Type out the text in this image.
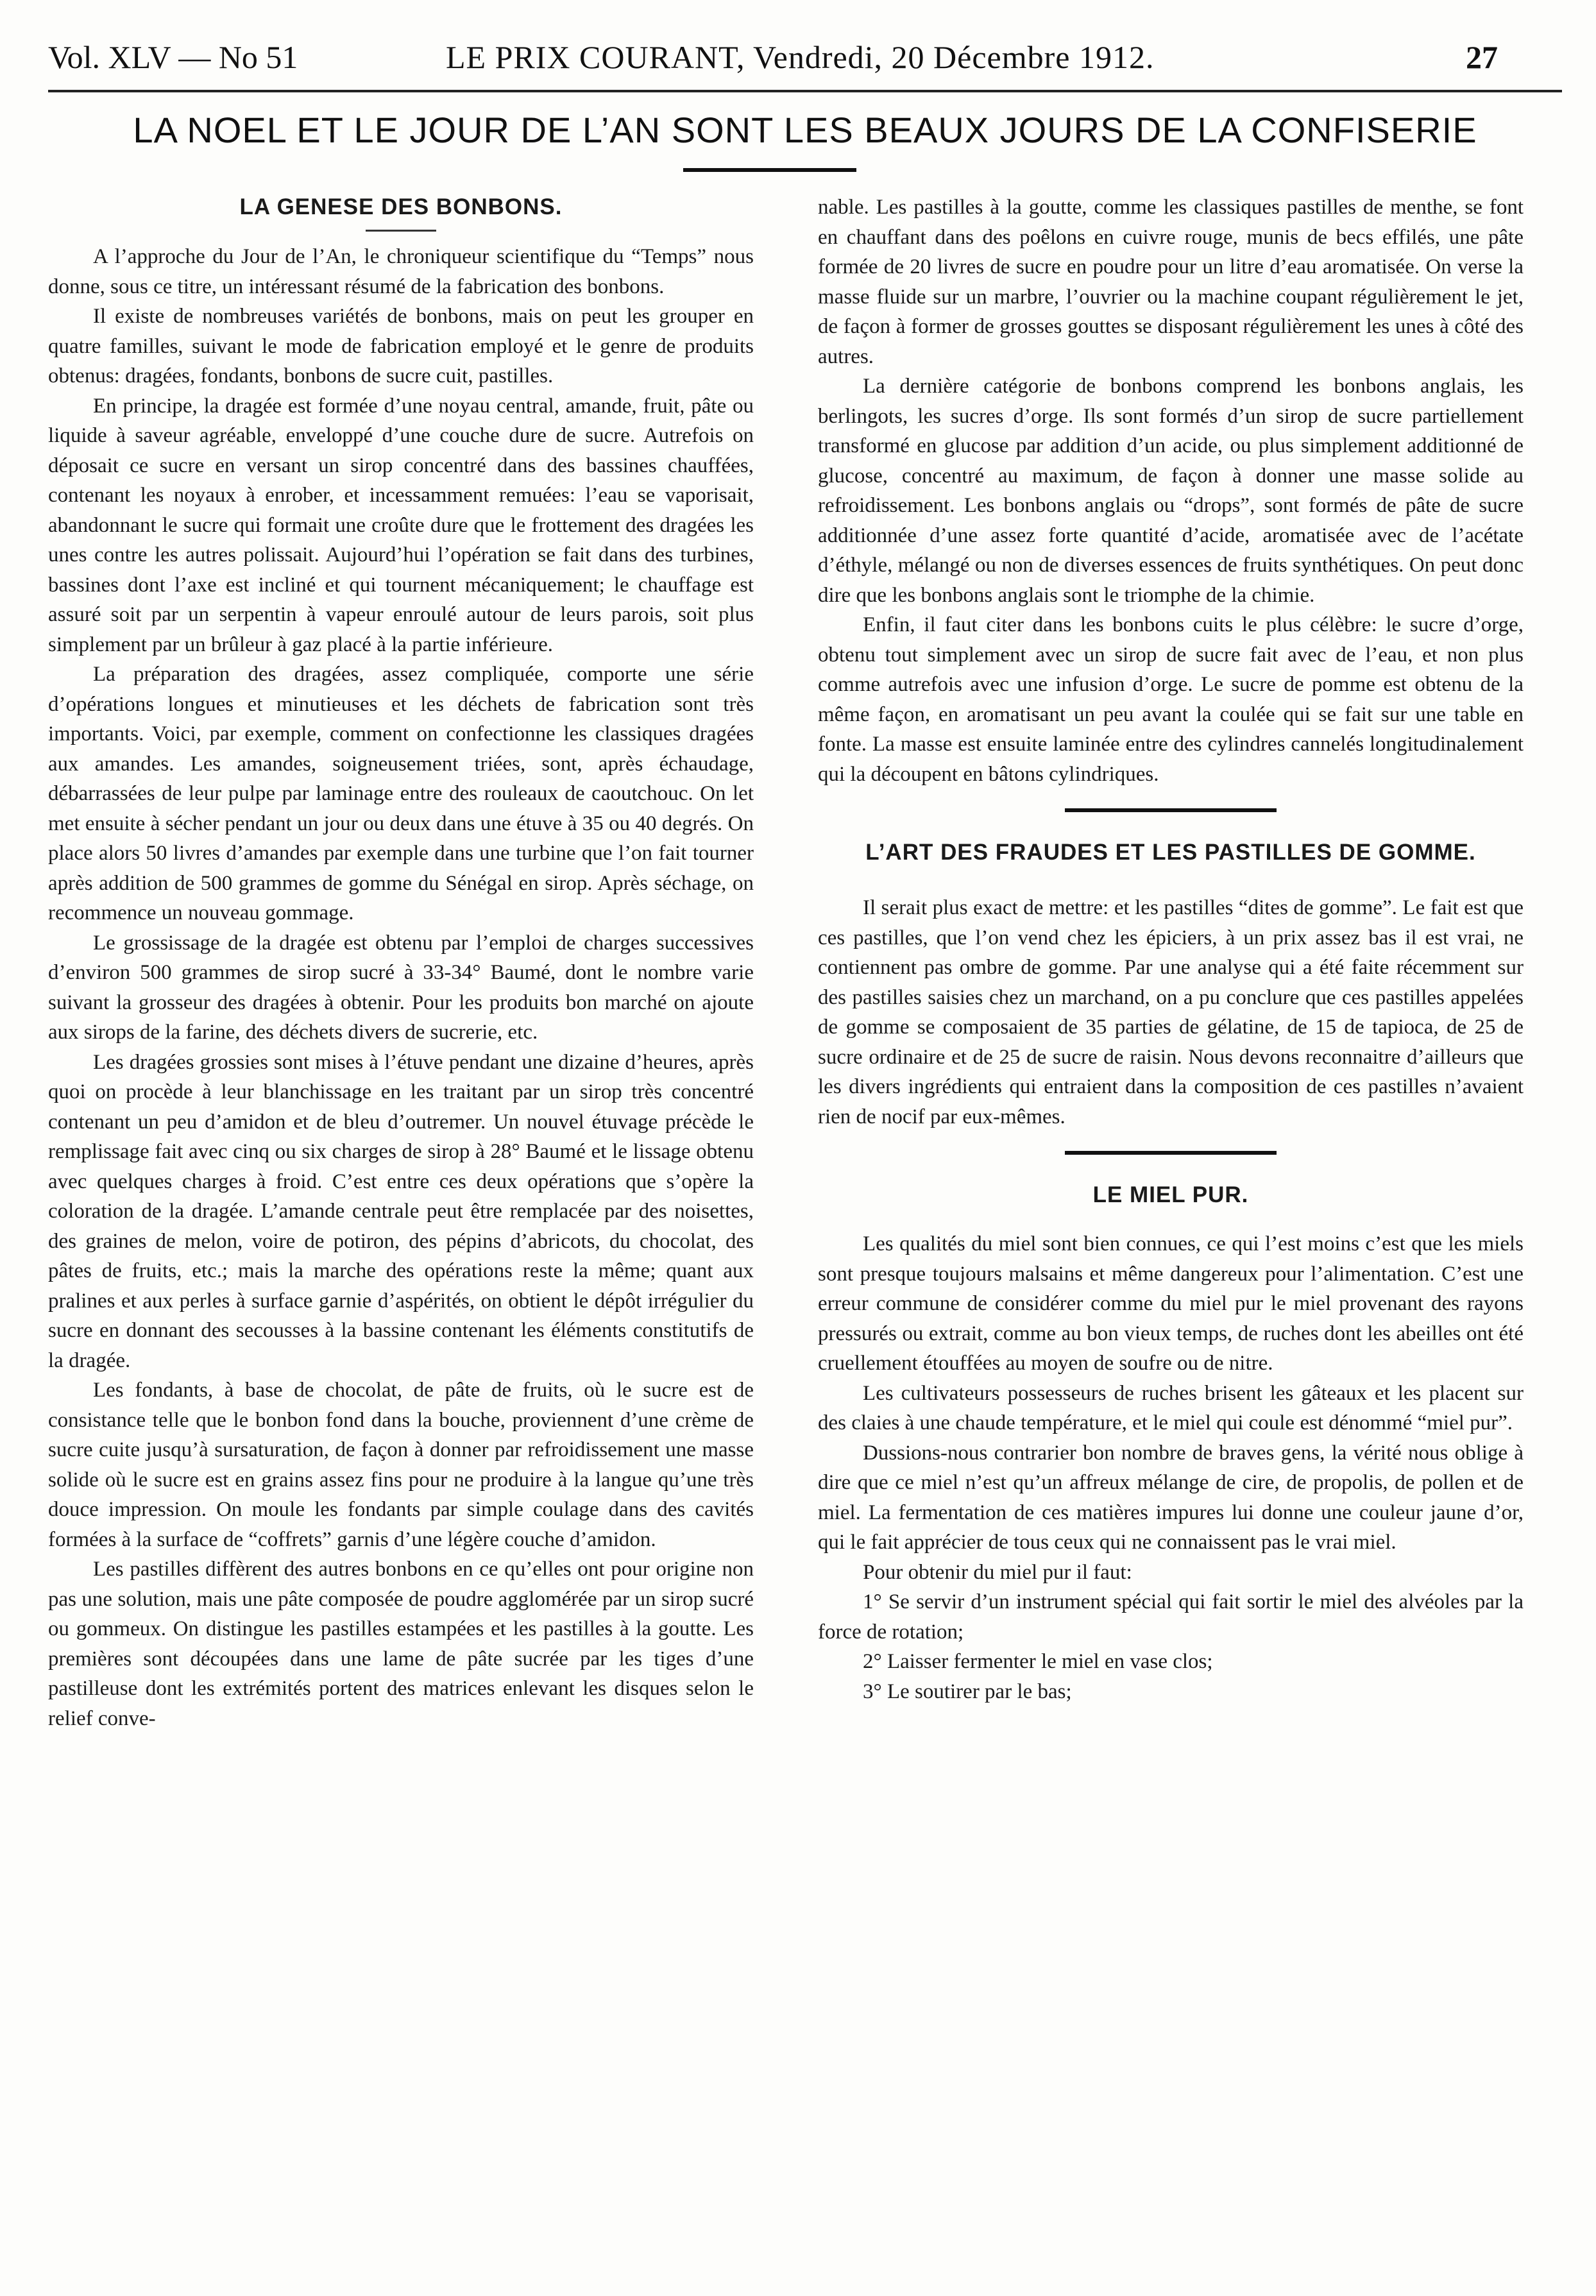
Vol. XLV — No 51	LE PRIX COURANT, Vendredi, 20 Décembre 1912.	27
LA NOEL ET LE JOUR DE L’AN SONT LES BEAUX JOURS DE LA CONFISERIE
LA GENESE DES BONBONS.

A l’approche du Jour de l’An, le chroniqueur scientifique du “Temps” nous donne, sous ce titre, un intéressant résumé de la fabrication des bonbons.

Il existe de nombreuses variétés de bonbons, mais on peut les grouper en quatre familles, suivant le mode de fabrication employé et le genre de produits obtenus: dragées, fondants, bonbons de sucre cuit, pastilles.

En principe, la dragée est formée d’une noyau central, amande, fruit, pâte ou liquide à saveur agréable, enveloppé d’une couche dure de sucre. Autrefois on déposait ce sucre en versant un sirop concentré dans des bassines chauffées, contenant les noyaux à enrober, et incessamment remuées: l’eau se vaporisait, abandonnant le sucre qui formait une croûte dure que le frottement des dragées les unes contre les autres polissait. Aujourd’hui l’opération se fait dans des turbines, bassines dont l’axe est incliné et qui tournent mécaniquement; le chauffage est assuré soit par un serpentin à vapeur enroulé autour de leurs parois, soit plus simplement par un brûleur à gaz placé à la partie inférieure.

La préparation des dragées, assez compliquée, comporte une série d’opérations longues et minutieuses et les déchets de fabrication sont très importants. Voici, par exemple, comment on confectionne les classiques dragées aux amandes. Les amandes, soigneusement triées, sont, après échaudage, débarrassées de leur pulpe par laminage entre des rouleaux de caoutchouc. On let met ensuite à sécher pendant un jour ou deux dans une étuve à 35 ou 40 degrés. On place alors 50 livres d’amandes par exemple dans une turbine que l’on fait tourner après addition de 500 grammes de gomme du Sénégal en sirop. Après séchage, on recommence un nouveau gommage.

Le grossissage de la dragée est obtenu par l’emploi de charges successives d’environ 500 grammes de sirop sucré à 33-34° Baumé, dont le nombre varie suivant la grosseur des dragées à obtenir. Pour les produits bon marché on ajoute aux sirops de la farine, des déchets divers de sucrerie, etc.

Les dragées grossies sont mises à l’étuve pendant une dizaine d’heures, après quoi on procède à leur blanchissage en les traitant par un sirop très concentré contenant un peu d’amidon et de bleu d’outremer. Un nouvel étuvage précède le remplissage fait avec cinq ou six charges de sirop à 28° Baumé et le lissage obtenu avec quelques charges à froid. C’est entre ces deux opérations que s’opère la coloration de la dragée. L’amande centrale peut être remplacée par des noisettes, des graines de melon, voire de potiron, des pépins d’abricots, du chocolat, des pâtes de fruits, etc.; mais la marche des opérations reste la même; quant aux pralines et aux perles à surface garnie d’aspérités, on obtient le dépôt irrégulier du sucre en donnant des secousses à la bassine contenant les éléments constitutifs de la dragée.

Les fondants, à base de chocolat, de pâte de fruits, où le sucre est de consistance telle que le bonbon fond dans la bouche, proviennent d’une crème de sucre cuite jusqu’à sursaturation, de façon à donner par refroidissement une masse solide où le sucre est en grains assez fins pour ne produire à la langue qu’une très douce impression. On moule les fondants par simple coulage dans des cavités formées à la surface de “coffrets” garnis d’une légère couche d’amidon.

Les pastilles diffèrent des autres bonbons en ce qu’elles ont pour origine non pas une solution, mais une pâte composée de poudre agglomérée par un sirop sucré ou gommeux. On distingue les pastilles estampées et les pastilles à la goutte. Les premières sont découpées dans une lame de pâte sucrée par les tiges d’une pastilleuse dont les extrémités portent des matrices enlevant les disques selon le relief conve-

nable. Les pastilles à la goutte, comme les classiques pastilles de menthe, se font en chauffant dans des poêlons en cuivre rouge, munis de becs effilés, une pâte formée de 20 livres de sucre en poudre pour un litre d’eau aromatisée. On verse la masse fluide sur un marbre, l’ouvrier ou la machine coupant régulièrement le jet, de façon à former de grosses gouttes se disposant régulièrement les unes à côté des autres.

La dernière catégorie de bonbons comprend les bonbons anglais, les berlingots, les sucres d’orge. Ils sont formés d’un sirop de sucre partiellement transformé en glucose par addition d’un acide, ou plus simplement additionné de glucose, concentré au maximum, de façon à donner une masse solide au refroidissement. Les bonbons anglais ou “drops”, sont formés de pâte de sucre additionnée d’une assez forte quantité d’acide, aromatisée avec de l’acétate d’éthyle, mélangé ou non de diverses essences de fruits synthétiques. On peut donc dire que les bonbons anglais sont le triomphe de la chimie.

Enfin, il faut citer dans les bonbons cuits le plus célèbre: le sucre d’orge, obtenu tout simplement avec un sirop de sucre fait avec de l’eau, et non plus comme autrefois avec une infusion d’orge. Le sucre de pomme est obtenu de la même façon, en aromatisant un peu avant la coulée qui se fait sur une table en fonte. La masse est ensuite laminée entre des cylindres cannelés longitudinalement qui la découpent en bâtons cylindriques.

L’ART DES FRAUDES ET LES PASTILLES DE GOMME.

Il serait plus exact de mettre: et les pastilles “dites de gomme”. Le fait est que ces pastilles, que l’on vend chez les épiciers, à un prix assez bas il est vrai, ne contiennent pas ombre de gomme. Par une analyse qui a été faite récemment sur des pastilles saisies chez un marchand, on a pu conclure que ces pastilles appelées de gomme se composaient de 35 parties de gélatine, de 15 de tapioca, de 25 de sucre ordinaire et de 25 de sucre de raisin. Nous devons reconnaitre d’ailleurs que les divers ingrédients qui entraient dans la composition de ces pastilles n’avaient rien de nocif par eux-mêmes.

LE MIEL PUR.

Les qualités du miel sont bien connues, ce qui l’est moins c’est que les miels sont presque toujours malsains et même dangereux pour l’alimentation. C’est une erreur commune de considérer comme du miel pur le miel provenant des rayons pressurés ou extrait, comme au bon vieux temps, de ruches dont les abeilles ont été cruellement étouffées au moyen de soufre ou de nitre.

Les cultivateurs possesseurs de ruches brisent les gâteaux et les placent sur des claies à une chaude température, et le miel qui coule est dénommé “miel pur”.

Dussions-nous contrarier bon nombre de braves gens, la vérité nous oblige à dire que ce miel n’est qu’un affreux mélange de cire, de propolis, de pollen et de miel. La fermentation de ces matières impures lui donne une couleur jaune d’or, qui le fait apprécier de tous ceux qui ne connaissent pas le vrai miel.

Pour obtenir du miel pur il faut:

1° Se servir d’un instrument spécial qui fait sortir le miel des alvéoles par la force de rotation;

2° Laisser fermenter le miel en vase clos;

3° Le soutirer par le bas;
